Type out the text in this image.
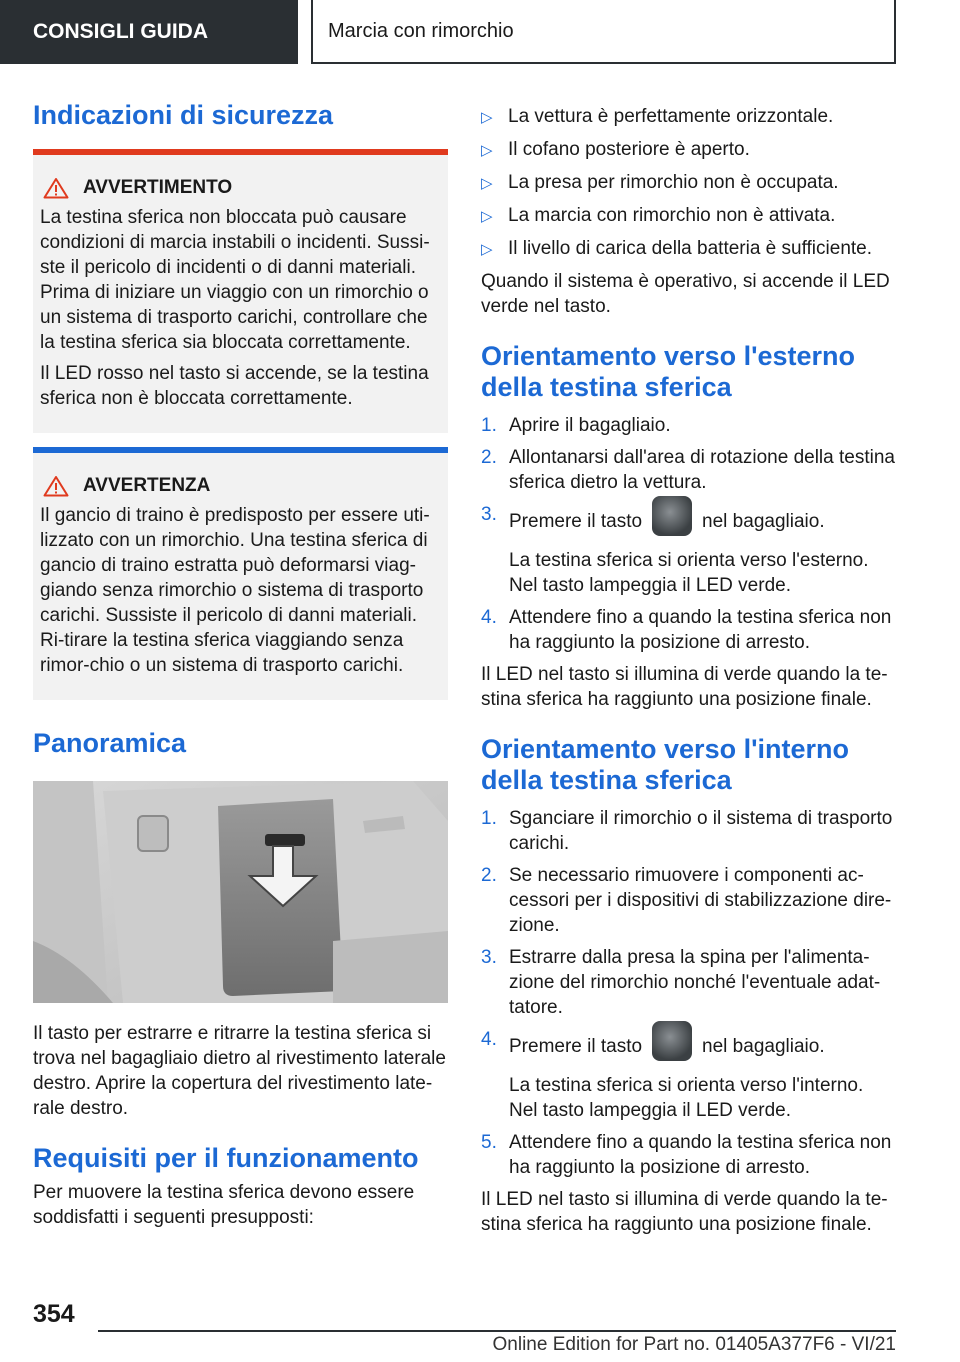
CONSIGLI GUIDA	Marcia con rimorchio
Indicazioni di sicurezza
AVVERTIMENTO

La testina sferica non bloccata può causare condizioni di marcia instabili o incidenti. Sussi-ste il pericolo di incidenti o di danni materiali. Prima di iniziare un viaggio con un rimorchio o un sistema di trasporto carichi, controllare che la testina sferica sia bloccata correttamente.

Il LED rosso nel tasto si accende, se la testina sferica non è bloccata correttamente.

AVVERTENZA

Il gancio di traino è predisposto per essere uti-lizzato con un rimorchio. Una testina sferica di gancio di traino estratta può deformarsi viag-giando senza rimorchio o sistema di trasporto carichi. Sussiste il pericolo di danni materiali. Ri-tirare la testina sferica viaggiando senza rimor-chio o un sistema di trasporto carichi.

Panoramica

Il tasto per estrarre e ritrarre la testina sferica si trova nel bagagliaio dietro al rivestimento laterale destro. Aprire la copertura del rivestimento late-rale destro.

Requisiti per il funzionamento

Per muovere la testina sferica devono essere soddisfatti i seguenti presupposti:

▷ La vettura è perfettamente orizzontale.
▷ Il cofano posteriore è aperto.
▷ La presa per rimorchio non è occupata.
▷ La marcia con rimorchio non è attivata.
▷ Il livello di carica della batteria è sufficiente.

Quando il sistema è operativo, si accende il LED verde nel tasto.

Orientamento verso l'esterno della testina sferica
1. Aprire il bagagliaio.
2. Allontanarsi dall'area di rotazione della testina sferica dietro la vettura.
3. Premere il tasto	nel bagagliaio.
La testina sferica si orienta verso l'esterno. Nel tasto lampeggia il LED verde.
4. Attendere fino a quando la testina sferica non ha raggiunto la posizione di arresto.

Il LED nel tasto si illumina di verde quando la te-stina sferica ha raggiunto una posizione finale.

Orientamento verso l'interno della testina sferica
1. Sganciare il rimorchio o il sistema di trasporto carichi.
2. Se necessario rimuovere i componenti ac-cessori per i dispositivi di stabilizzazione dire-zione.
3. Estrarre dalla presa la spina per l'alimenta-zione del rimorchio nonché l'eventuale adat-tatore.
4. Premere il tasto	nel bagagliaio.
La testina sferica si orienta verso l'interno. Nel tasto lampeggia il LED verde.
5. Attendere fino a quando la testina sferica non ha raggiunto la posizione di arresto.

Il LED nel tasto si illumina di verde quando la te-stina sferica ha raggiunto una posizione finale.

354
Online Edition for Part no. 01405A377F6 - VI/21
